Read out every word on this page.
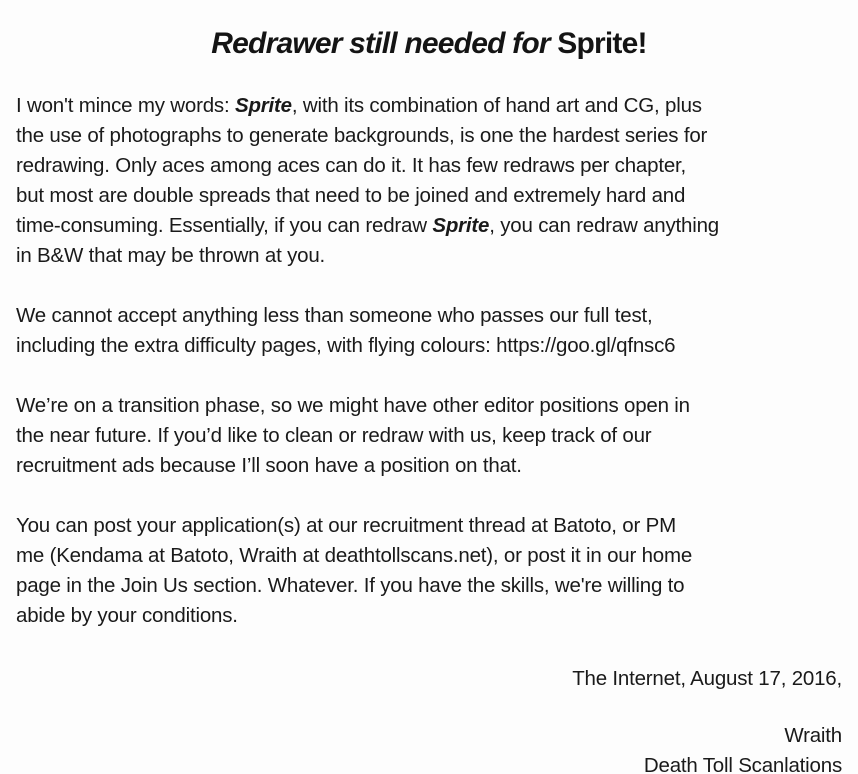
Redrawer still needed for Sprite!

I won't mince my words: Sprite, with its combination of hand art and CG, plus
the use of photographs to generate backgrounds, is one the hardest series for
redrawing. Only aces among aces can do it. It has few redraws per chapter,
but most are double spreads that need to be joined and extremely hard and
time-consuming. Essentially, if you can redraw Sprite, you can redraw anything
in B&W that may be thrown at you.

We cannot accept anything less than someone who passes our full test,
including the extra difficulty pages, with flying colours: https://goo.gl/qfnsc6

We’re on a transition phase, so we might have other editor positions open in
the near future. If you’d like to clean or redraw with us, keep track of our
recruitment ads because I’ll soon have a position on that.

You can post your application(s) at our recruitment thread at Batoto, or PM
me (Kendama at Batoto, Wraith at deathtollscans.net), or post it in our home
page in the Join Us section. Whatever. If you have the skills, we're willing to
abide by your conditions.

The Internet, August 17, 2016,
Wraith
Death Toll Scanlations
